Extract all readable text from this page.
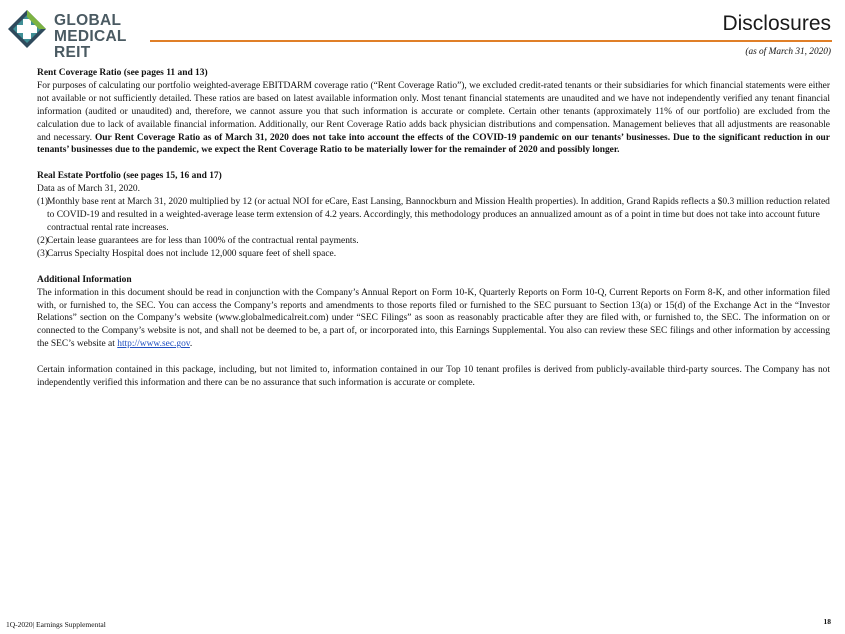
GLOBAL
MEDICAL REIT
Disclosures
(as of March 31, 2020)
Rent Coverage Ratio (see pages 11 and 13)

For purposes of calculating our portfolio weighted-average EBITDARM coverage ratio (“Rent Coverage Ratio”), we excluded credit-rated tenants or their subsidiaries for which financial statements were either not available or not sufficiently detailed. These ratios are based on latest available information only. Most tenant financial statements are unaudited and we have not independently verified any tenant financial information (audited or unaudited) and, therefore, we cannot assure you that such information is accurate or complete. Certain other tenants (approximately 11% of our portfolio) are excluded from the calculation due to lack of available financial information. Additionally, our Rent Coverage Ratio adds back physician distributions and compensation. Management believes that all adjustments are reasonable and necessary. Our Rent Coverage Ratio as of March 31, 2020 does not take into account the effects of the COVID-19 pandemic on our tenants’ businesses. Due to the significant reduction in our tenants’ businesses due to the pandemic, we expect the Rent Coverage Ratio to be materially lower for the remainder of 2020 and possibly longer.

Real Estate Portfolio (see pages 15, 16 and 17)
Data as of March 31, 2020.
(1)
Monthly base rent at March 31, 2020 multiplied by 12 (or actual NOI for eCare, East Lansing, Bannockburn and Mission Health properties). In addition, Grand Rapids reflects a $0.3 million reduction related to COVID-19 and resulted in a weighted-average lease term extension of 4.2 years. Accordingly, this methodology produces an annualized amount as of a point in time but does not take into account future contractual rental rate increases.
(2)
Certain lease guarantees are for less than 100% of the contractual rental payments.
(3)
Carrus Specialty Hospital does not include 12,000 square feet of shell space.
Additional Information

The information in this document should be read in conjunction with the Company’s Annual Report on Form 10-K, Quarterly Reports on Form 10-Q, Current Reports on Form 8-K, and other information filed with, or furnished to, the SEC. You can access the Company’s reports and amendments to those reports filed or furnished to the SEC pursuant to Section 13(a) or 15(d) of the Exchange Act in the “Investor Relations” section on the Company’s website (www.globalmedicalreit.com) under “SEC Filings” as soon as reasonably practicable after they are filed with, or furnished to, the SEC. The information on or connected to the Company’s website is not, and shall not be deemed to be, a part of, or incorporated into, this Earnings Supplemental. You also can review these SEC filings and other information by accessing the SEC’s website at http://www.sec.gov.

Certain information contained in this package, including, but not limited to, information contained in our Top 10 tenant profiles is derived from publicly-available third-party sources. The Company has not independently verified this information and there can be no assurance that such information is accurate or complete.

1Q-2020| Earnings Supplemental	18
